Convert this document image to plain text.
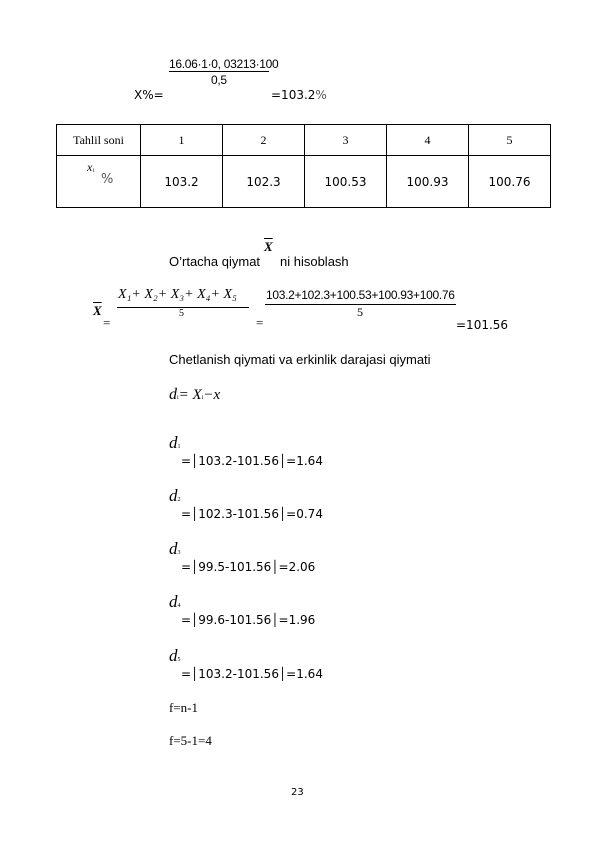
16.06·1·0, 03213·100
0,5
X%=	=103.2%
Tahlil soni	1	2	3	4	5

x i
%	103.2	102.3	100.53	100.93	100.76
O’rtacha qiymat
$\overline{X}$
ni hisoblash
$\overline{X}$
=
X₁+ X₂+ X₃+ X₄+ X₅
5
=
103.2+102.3+100.53+100.93+100.76
5
=101.56
Chetlanish qiymati va erkinlik darajasi qiymati
di= Xi−x
d1
=│103.2-101.56│=1.64
d2
=│102.3-101.56│=0.74
d3
=│99.5-101.56│=2.06
d4
=│99.6-101.56│=1.96
d5
=│103.2-101.56│=1.64
f=n-1
f=5-1=4
23
